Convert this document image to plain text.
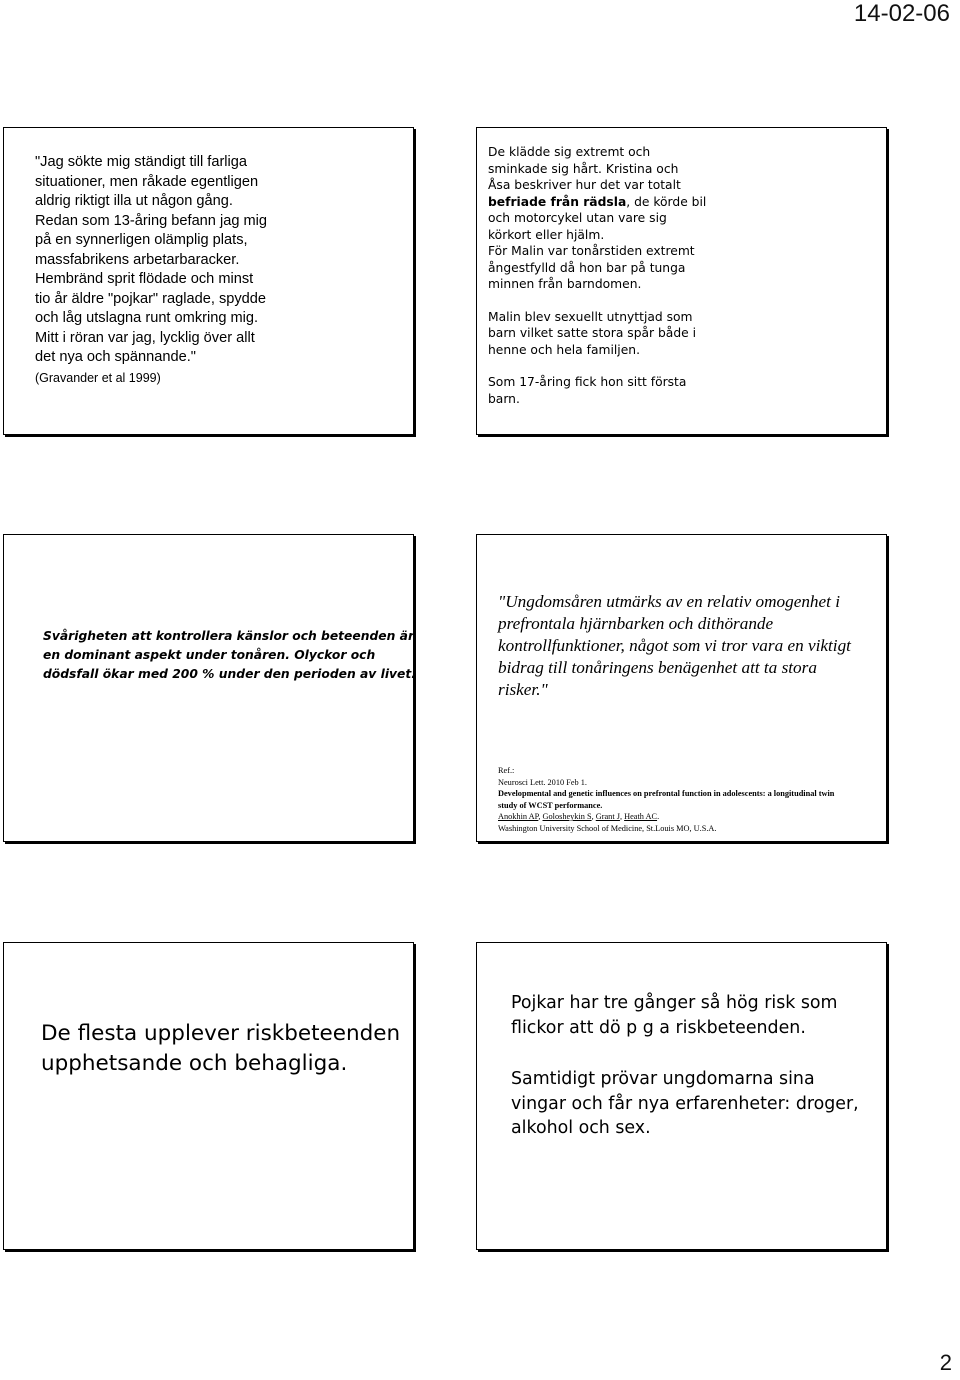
14-02-06
"Jag sökte mig ständigt till farliga
situationer, men råkade egentligen
aldrig riktigt illa ut någon gång.
Redan som 13-åring befann jag mig
på en synnerligen olämplig plats,
massfabrikens arbetarbaracker.
Hembränd sprit flödade och minst
tio år äldre "pojkar" raglade, spydde
och låg utslagna runt omkring mig.
Mitt i röran var jag, lycklig över allt
det nya och spännande."
(Gravander et al 1999)

De klädde sig extremt och
sminkade sig hårt. Kristina och
Åsa beskriver hur det var totalt
befriade från rädsla, de körde bil
och motorcykel utan vare sig
körkort eller hjälm.
För Malin var tonårstiden extremt
ångestfylld då hon bar på tunga
minnen från barndomen.

Malin blev sexuellt utnyttjad som
barn vilket satte stora spår både i
henne och hela familjen.

Som 17-åring fick hon sitt första
barn.

Svårigheten att kontrollera känslor och beteenden är
en dominant aspekt under tonåren. Olyckor och
dödsfall ökar med 200 % under den perioden av livet.
"Ungdomsåren utmärks av en relativ omogenhet i
prefrontala hjärnbarken och dithörande
kontrollfunktioner, något som vi tror vara en viktigt
bidrag till tonåringens benägenhet att ta stora
risker."
Ref.:
Neurosci Lett. 2010 Feb 1.
Developmental and genetic influences on prefrontal function in adolescents: a longitudinal twin
study of WCST performance.
Anokhin AP, Golosheykin S, Grant J, Heath AC.
Washington University School of Medicine, St.Louis MO, U.S.A.
De flesta upplever riskbeteenden
upphetsande och behagliga.

Pojkar har tre gånger så hög risk som
flickor att dö p g a riskbeteenden.

Samtidigt prövar ungdomarna sina
vingar och får nya erfarenheter: droger,
alkohol och sex.

2
